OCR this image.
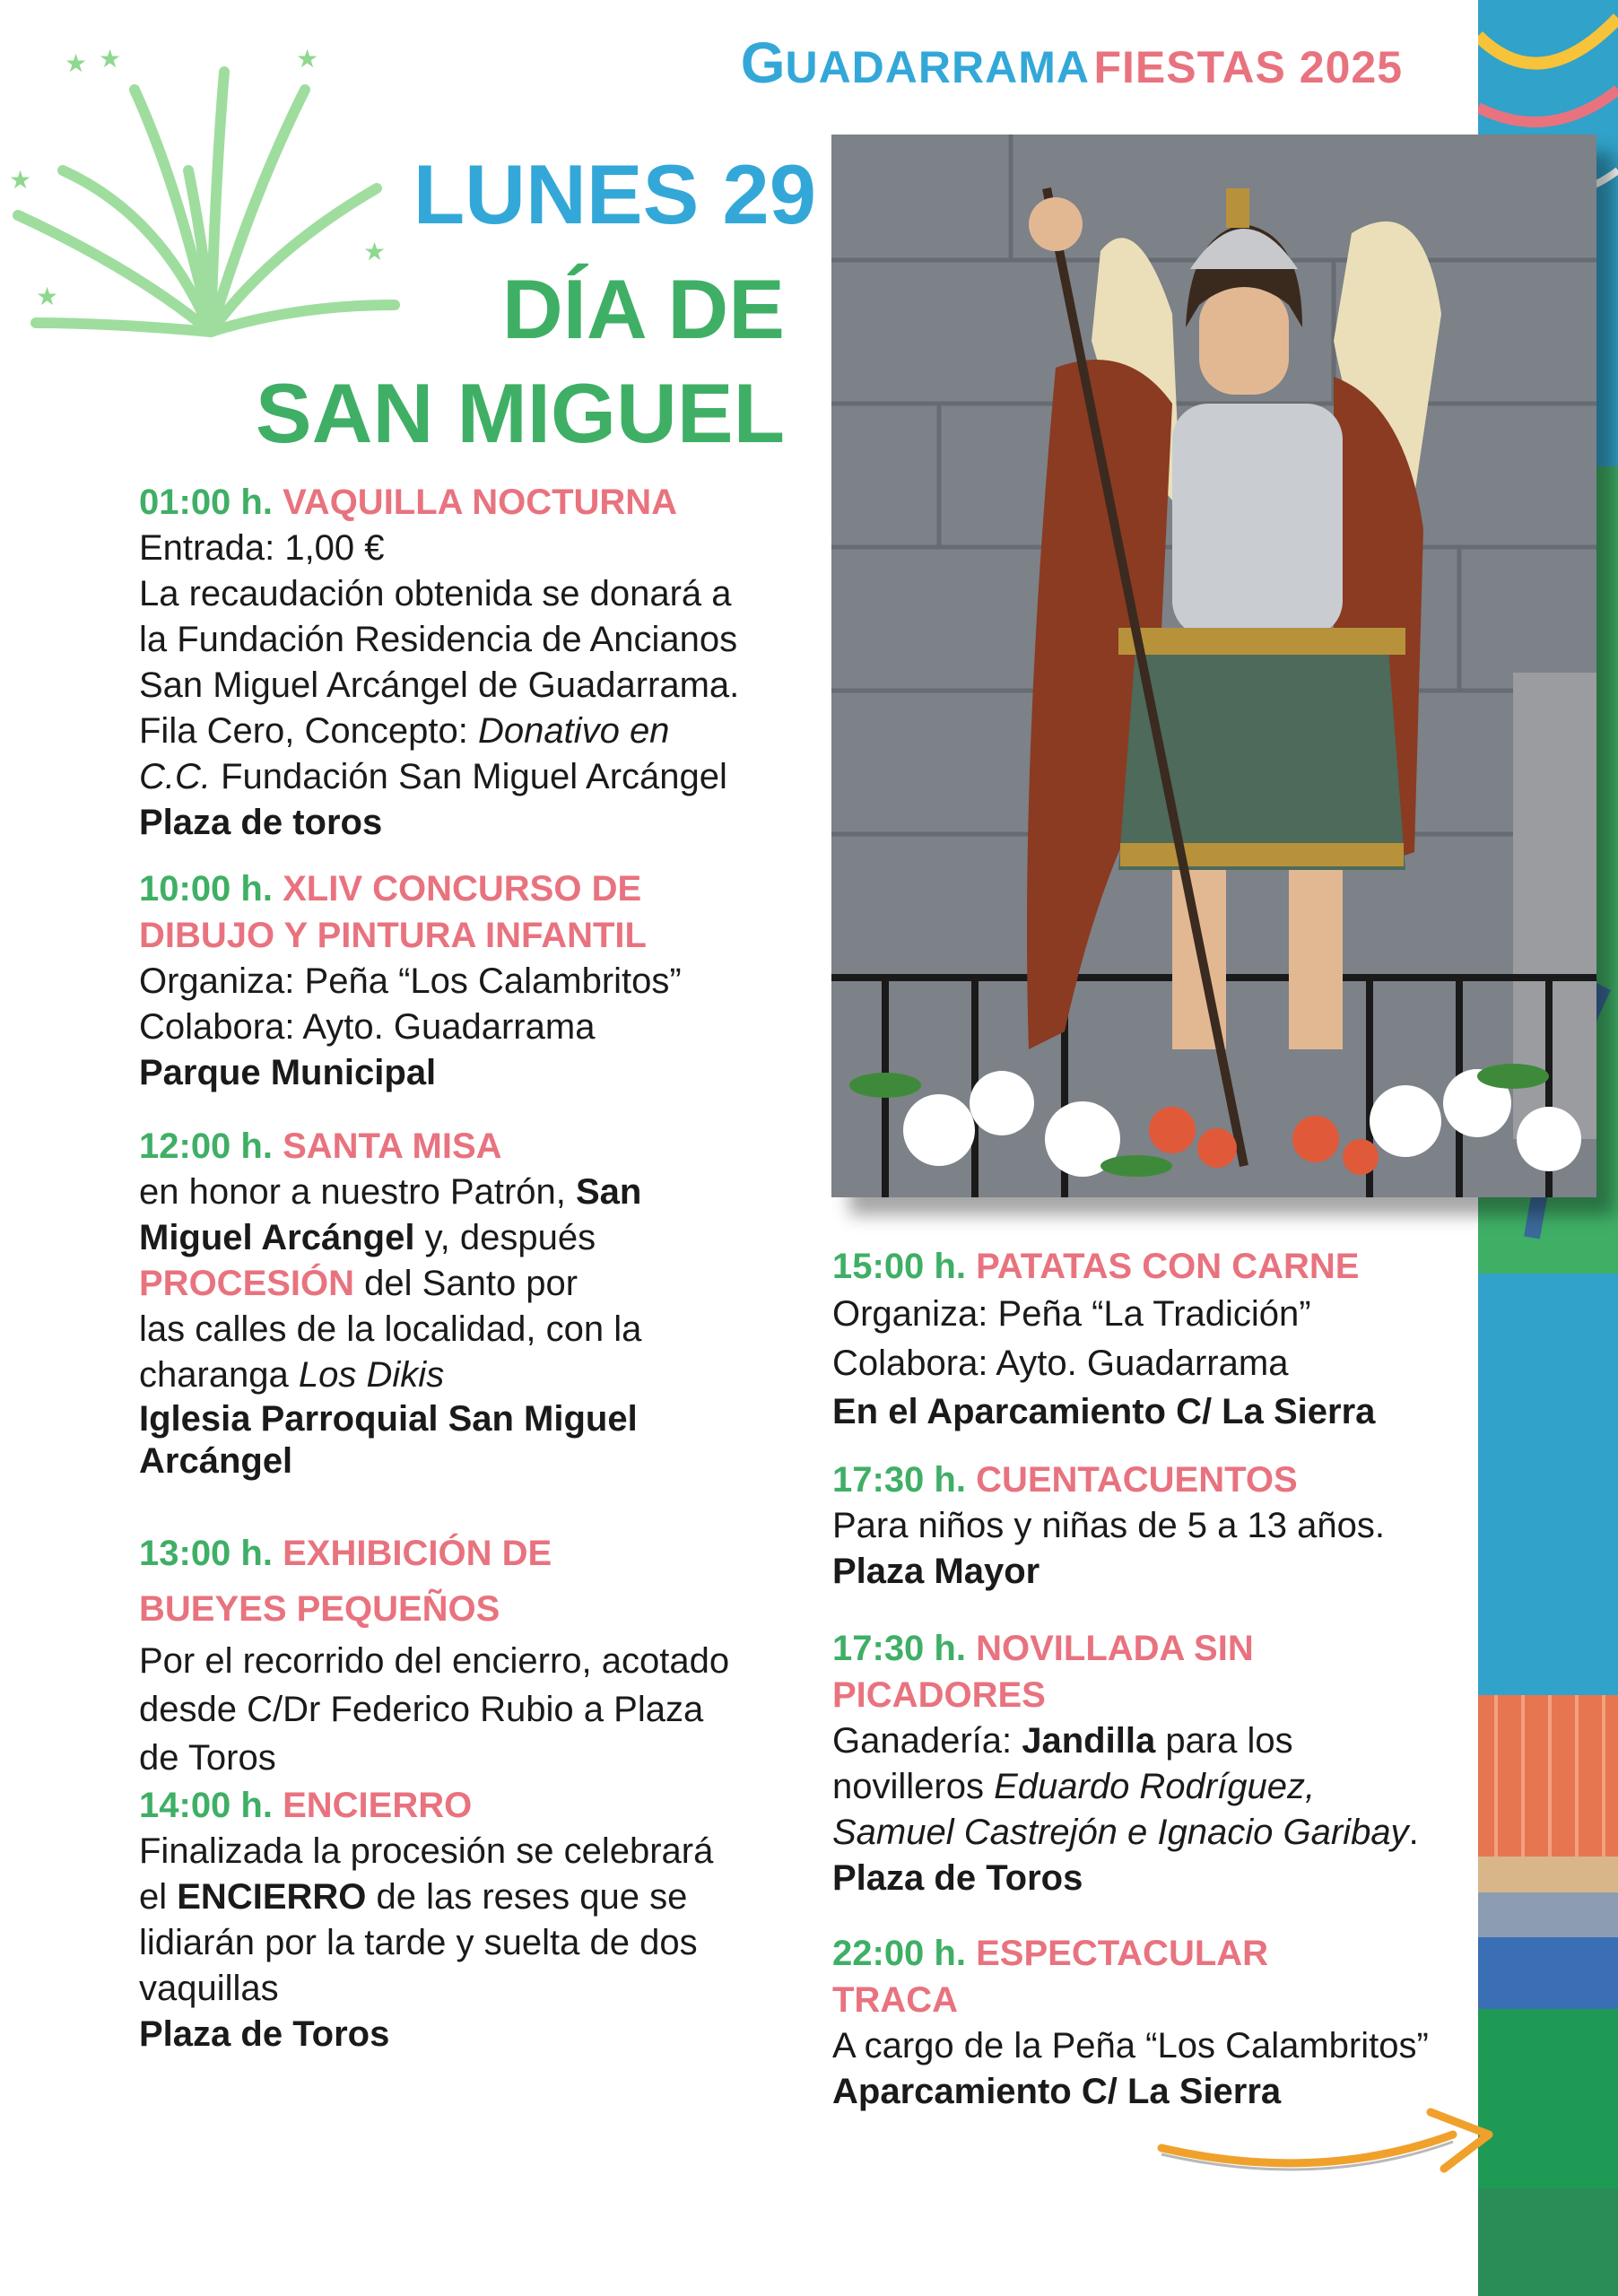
★ ★	★
★
★
★
GUADARRAMA FIESTAS 2025
LUNES 29
DÍA DE
SAN MIGUEL
01:00 h. VAQUILLA NOCTURNA
Entrada: 1,00 €
La recaudación obtenida se donará a
la Fundación Residencia de Ancianos
San Miguel Arcángel de Guadarrama.
Fila Cero, Concepto: Donativo en
C.C. Fundación San Miguel Arcángel
Plaza de toros
10:00 h. XLIV CONCURSO DE
DIBUJO Y PINTURA INFANTIL
Organiza: Peña “Los Calambritos”
Colabora: Ayto. Guadarrama
Parque Municipal
12:00 h. SANTA MISA
en honor a nuestro Patrón, San
Miguel Arcángel y, después
PROCESIÓN del Santo por
las calles de la localidad, con la
charanga Los Dikis
Iglesia Parroquial San Miguel
Arcángel
13:00 h. EXHIBICIÓN DE
BUEYES PEQUEÑOS
Por el recorrido del encierro, acotado
desde C/Dr Federico Rubio a Plaza
de Toros
14:00 h. ENCIERRO
Finalizada la procesión se celebrará
el ENCIERRO de las reses que se
lidiarán por la tarde y suelta de dos
vaquillas
Plaza de Toros
15:00 h. PATATAS CON CARNE
Organiza: Peña “La Tradición”
Colabora: Ayto. Guadarrama
En el Aparcamiento C/ La Sierra
17:30 h. CUENTACUENTOS
Para niños y niñas de 5 a 13 años.
Plaza Mayor
17:30 h. NOVILLADA SIN
PICADORES
Ganadería: Jandilla para los
novilleros Eduardo Rodríguez,
Samuel Castrejón e Ignacio Garibay.
Plaza de Toros
22:00 h. ESPECTACULAR
TRACA
A cargo de la Peña “Los Calambritos”
Aparcamiento C/ La Sierra
